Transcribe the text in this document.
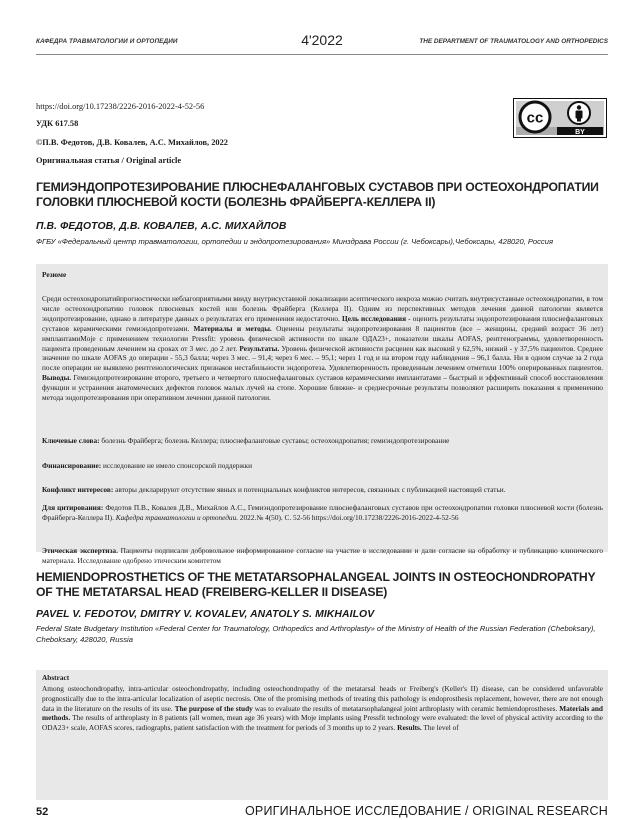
КАФЕДРА ТРАВМАТОЛОГИИ И ОРТОПЕДИИ	4'2022	THE DEPARTMENT OF TRAUMATOLOGY AND ORTHOPEDICS
https://doi.org/10.17238/2226-2016-2022-4-52-56
УДК 617.58
©П.В. Федотов, Д.В. Ковалев, А.С. Михайлов, 2022
Оригинальная статья / Original article
cc
BY
ГЕМИЭНДОПРОТЕЗИРОВАНИЕ ПЛЮСНЕФАЛАНГОВЫХ СУСТАВОВ ПРИ ОСТЕОХОНДРОПАТИИ ГОЛОВКИ ПЛЮСНЕВОЙ КОСТИ (БОЛЕЗНЬ ФРАЙБЕРГА-КЕЛЛЕРА II)
П.В. ФЕДОТОВ, Д.В. КОВАЛЕВ, А.С. МИХАЙЛОВ
ФГБУ «Федеральный центр травматологии, ортопедии и эндопротезирования» Минздрава России (г. Чебоксары),Чебоксары, 428020, Россия

Резюме

Среди остеохондропатийпрогностически неблагоприятными ввиду внутрисуставной локализации асептического некроза можно считать внутрисуставные остеохондропатии, в том числе остеохондропатию головок плюсневых костей или болезнь Фрайберга (Келлера II). Одним из перспективных методов лечения данной патологии является эндопротезирование, однако в литературе данных о результатах его применения недостаточно. Цель исследования - оценить результаты эндопротезирования плюснефаланговых суставов керамическими гемиэндопротезами. Материалы и методы. Оценены результаты эндопротезирования 8 пациентов (все – женщины, средний возраст 36 лет) имплантамиMoje с применением технологии Pressfit: уровень физической активности по шкале ОДА23+, показатели шкалы AOFAS, рентгенограммы, удовлетворенность пациента проведенным лечением на сроках от 3 мес. до 2 лет. Результаты. Уровень физической активности расценен как высокий у 62,5%, низкий - у 37,5% пациентов. Среднее значение по шкале AOFAS до операции - 55,3 балла; через 3 мес. – 91,4; через 6 мес. – 95,1; через 1 год и на втором году наблюдения – 96,1 балла. Ни в одном случае за 2 года после операции не выявлено рентгенологических признаков нестабильности эндопротеза. Удовлетворенность проведенным лечением отметили 100% оперированных пациентов. Выводы. Гемиэндопротезирование второго, третьего и четвертого плюснефаланговых суставов керамическими имплантатами – быстрый и эффективный способ восстановления функции и устранения анатомических дефектов головок малых лучей на стопе. Хорошие ближне- и среднесрочные результаты позволяют расширить показания к применению метода эндопротезирования при оперативном лечении данной патологии.

Ключевые слова: болезнь Фрайберга; болезнь Келлера; плюснефаланговые суставы; остеохондропатия; гемиэндопротезирование

Финансирование: исследование не имело спонсорской поддержки

Конфликт интересов: авторы декларируют отсутствие явных и потенциальных конфликтов интересов, связанных с публикацией настоящей статьи.

Для цитирования: Федотов П.В., Ковалев Д.В., Михайлов А.С., Гемиэндопротезирование плюснефаланговых суставов при остеохондропатии головки плюсневой кости (болезнь Фрайберга-Келлера II). Кафедра травматологии и ортопедии. 2022.№ 4(50). С. 52-56 https://doi.org/10.17238/2226-2016-2022-4-52-56

Этическая экспертиза. Пациенты подписали добровольное информированное согласие на участие в исследовании и дали согласие на обработку и публикацию клинического материала. Исследование одобрено этическим комитетом

HEMIENDOPROSTHETICS OF THE METATARSOPHALANGEAL JOINTS IN OSTEOCHONDROPATHY OF THE METATARSAL HEAD (FREIBERG-KELLER II DISEASE)
PAVEL V. FEDOTOV, DMITRY V. KOVALEV, ANATOLY S. MIKHAILOV
Federal State Budgetary Institution «Federal Center for Traumatology, Orthopedics and Arthroplasty» of the Ministry of Health of the Russian Federation (Cheboksary), Cheboksary, 428020, Russia

Abstract

Among osteochondropathy, intra-articular osteochondropathy, including osteochondropathy of the metatarsal heads or Freiberg's (Keller's II) disease, can be considered unfavorable prognostically due to the intra-articular localization of aseptic necrosis. One of the promising methods of treating this pathology is endoprosthesis replacement, however, there are not enough data in the literature on the results of its use. The purpose of the study was to evaluate the results of metatarsophalangeal joint arthroplasty with ceramic hemiendoprostheses. Materials and methods. The results of arthroplasty in 8 patients (all women, mean age 36 years) with Moje implants using Pressfit technology were evaluated: the level of physical activity according to the ODA23+ scale, AOFAS scores, radiographs, patient satisfaction with the treatment for periods of 3 months up to 2 years. Results. The level of

52	ОРИГИНАЛЬНОЕ ИССЛЕДОВАНИЕ / ORIGINAL RESEARCH
